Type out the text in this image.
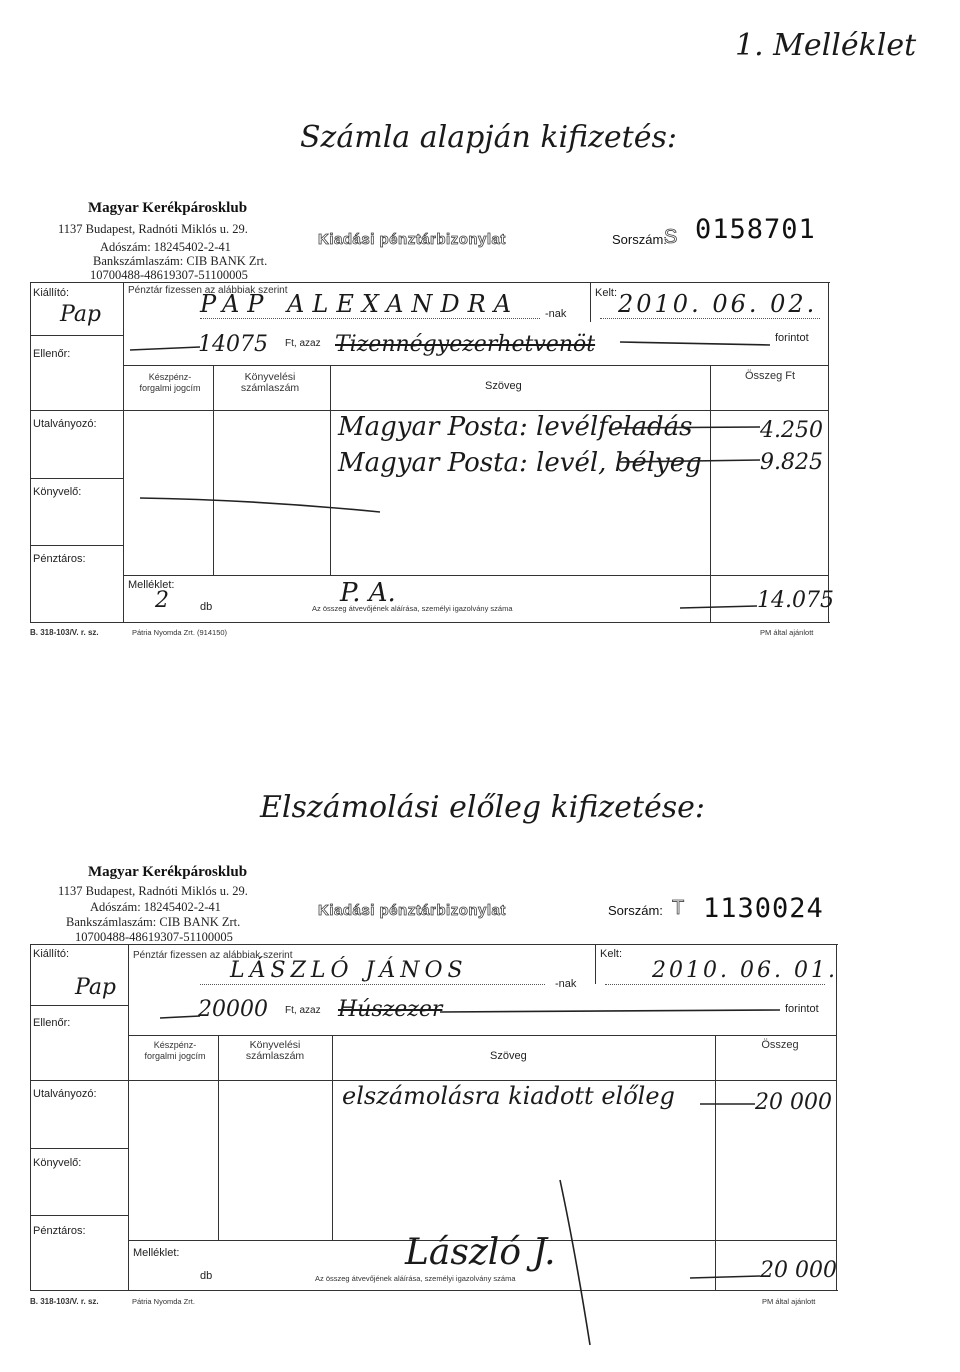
1. Melléklet
Számla alapján kifizetés:
Magyar Kerékpárosklub
1137 Budapest, Radnóti Miklós u. 29.
Adószám: 18245402-2-41
Bankszámlaszám: CIB BANK Zrt.
10700488-48619307-51100005
Kiadási pénztárbizonylat	Sorszám:
S 0158701
Kiállító:
Pap
Pénztár fizessen az alábbiak szerint
PAP ALEXANDRA -nak
Kelt: 2010. 06. 02.
Ellenőr:	14075 Ft, azaz Tizennégyezerhetvenöt	forintot
Készpénz-forgalmi jogcím
Könyvelési számlaszám	Szöveg
Összeg Ft
Utalványozó:
Könyvelő:
Pénztáros:
Magyar Posta: levélfeladás	4.250
Magyar Posta: levél, bélyeg	9.825
Melléklet:
2	db	P. A.
Az összeg átvevőjének aláírása, személyi igazolvány száma	14.075
B. 318-103/V. r. sz.	Pátria Nyomda Zrt. (914150)	PM által ajánlott
Elszámolási előleg kifizetése:
Magyar Kerékpárosklub
1137 Budapest, Radnóti Miklós u. 29.
Adószám: 18245402-2-41
Bankszámlaszám: CIB BANK Zrt.
10700488-48619307-51100005
Kiadási pénztárbizonylat	Sorszám: T 1130024
Kiállító:
Pap
Pénztár fizessen az alábbiak szerint
LÁSZLÓ JÁNOS
-nak
Kelt:
2010. 06. 01.
Ellenőr:
20000 Ft, azaz Húszezer	forintot
Készpénz-forgalmi jogcím
Könyvelési számlaszám	Szöveg
Összeg
Utalványozó:
Könyvelő:
Pénztáros:
elszámolásra kiadott előleg	20 000
Melléklet:
db
László J.
Az összeg átvevőjének aláírása, személyi igazolvány száma	20 000
B. 318-103/V. r. sz.	Pátria Nyomda Zrt.	PM által ajánlott
